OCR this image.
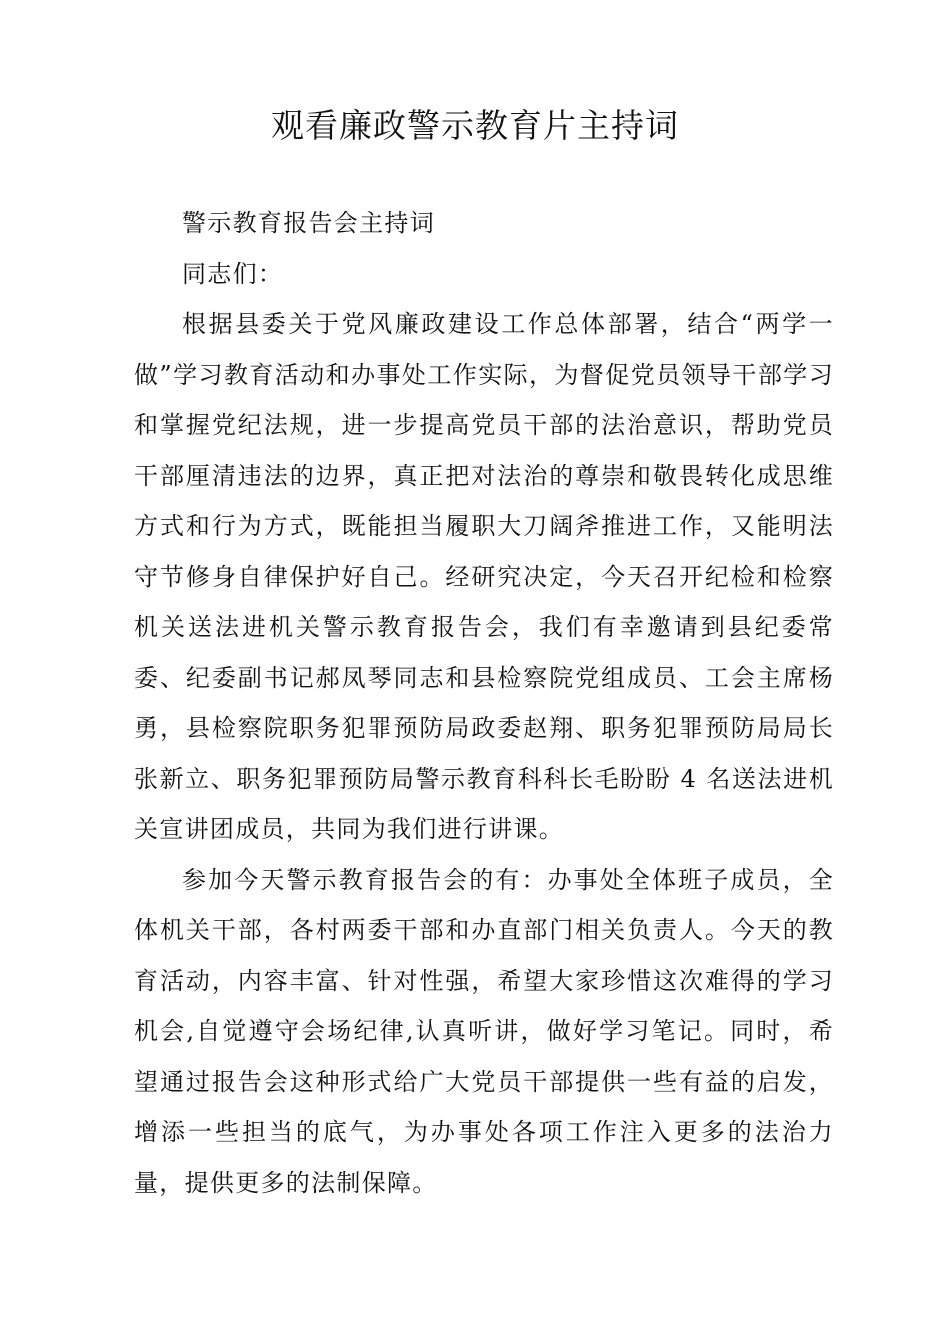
观看廉政警示教育片主持词

警示教育报告会主持词

同志们：

根据县委关于党风廉政建设工作总体部署，结合“两学一做”学习教育活动和办事处工作实际，为督促党员领导干部学习和掌握党纪法规，进一步提高党员干部的法治意识，帮助党员干部厘清违法的边界，真正把对法治的尊崇和敬畏转化成思维方式和行为方式，既能担当履职大刀阔斧推进工作，又能明法守节修身自律保护好自己。经研究决定，今天召开纪检和检察机关送法进机关警示教育报告会，我们有幸邀请到县纪委常委、纪委副书记郝凤琴同志和县检察院党组成员、工会主席杨勇，县检察院职务犯罪预防局政委赵翔、职务犯罪预防局局长张新立、职务犯罪预防局警示教育科科长毛盼盼 4 名送法进机关宣讲团成员，共同为我们进行讲课。

参加今天警示教育报告会的有：办事处全体班子成员，全体机关干部，各村两委干部和办直部门相关负责人。今天的教育活动，内容丰富、针对性强，希望大家珍惜这次难得的学习机会,自觉遵守会场纪律,认真听讲，做好学习笔记。同时，希望通过报告会这种形式给广大党员干部提供一些有益的启发，增添一些担当的底气，为办事处各项工作注入更多的法治力量，提供更多的法制保障。
